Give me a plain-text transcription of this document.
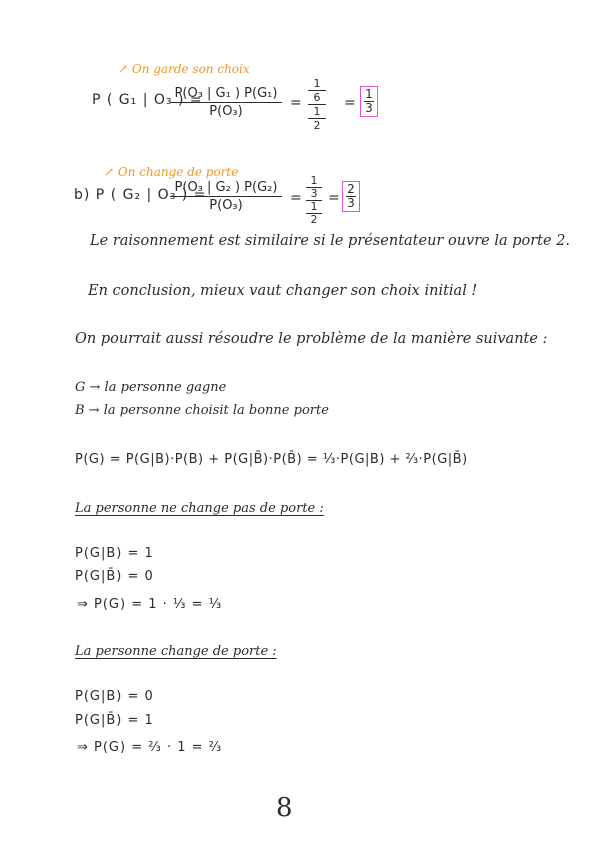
↗ On garde son choix
P ( G₁ | O₃ ) =
P(O₃ | G₁ ) P(G₁)
P(O₃)
=
1
6
1
2
=
1
3
↗ On change de porte
b) P ( G₂ | O₃ ) =
P(O₃ | G₂ ) P(G₂)
P(O₃)	=
1
3
1
2
=
2
3
Le raisonnement est similaire si le présentateur ouvre la porte 2.
En conclusion, mieux vaut changer son choix initial !
On pourrait aussi résoudre le problème de la manière suivante :
G → la personne gagne
B → la personne choisit la bonne porte
P(G) = P(G|B)·P(B) + P(G|B̄)·P(B̄) = ⅓·P(G|B) + ⅔·P(G|B̄)
La personne ne change pas de porte :
P(G|B) = 1
P(G|B̄) = 0
⇒ P(G) = 1 · ⅓ = ⅓
La personne change de porte :
P(G|B) = 0
P(G|B̄) = 1
⇒ P(G) = ⅔ · 1 = ⅔
8
